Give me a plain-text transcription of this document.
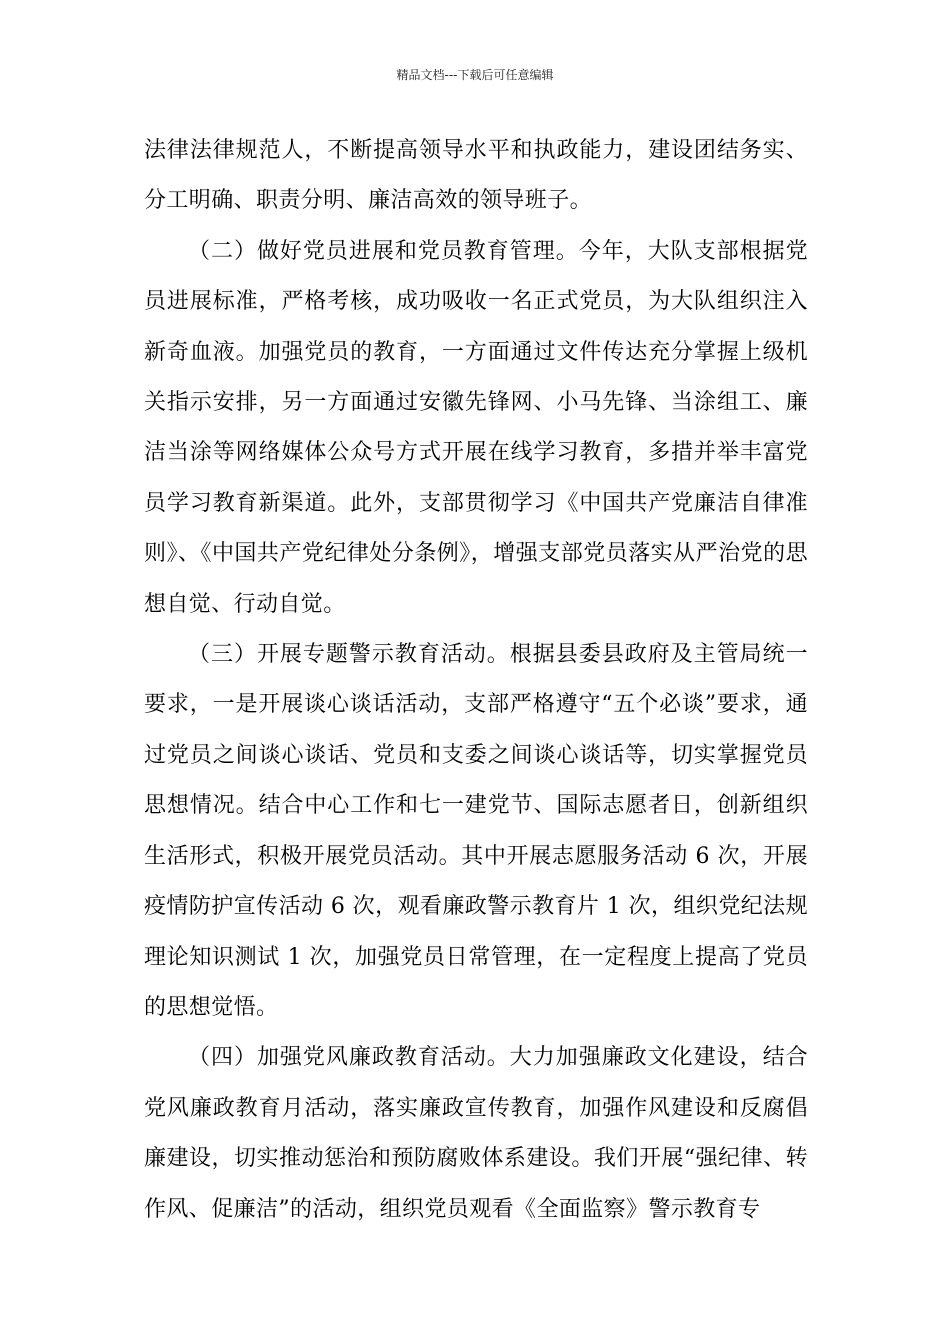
精品文档---下载后可任意编辑

法律法律规范人，不断提高领导水平和执政能力，建设团结务实、分工明确、职责分明、廉洁高效的领导班子。

（二）做好党员进展和党员教育管理。今年，大队支部根据党员进展标准，严格考核，成功吸收一名正式党员，为大队组织注入新奇血液。加强党员的教育，一方面通过文件传达充分掌握上级机关指示安排，另一方面通过安徽先锋网、小马先锋、当涂组工、廉洁当涂等网络媒体公众号方式开展在线学习教育，多措并举丰富党员学习教育新渠道。此外，支部贯彻学习《中国共产党廉洁自律准则》、《中国共产党纪律处分条例》，增强支部党员落实从严治党的思想自觉、行动自觉。

（三）开展专题警示教育活动。根据县委县政府及主管局统一要求，一是开展谈心谈话活动，支部严格遵守“五个必谈”要求，通过党员之间谈心谈话、党员和支委之间谈心谈话等，切实掌握党员思想情况。结合中心工作和七一建党节、国际志愿者日，创新组织生活形式，积极开展党员活动。其中开展志愿服务活动 6 次，开展疫情防护宣传活动 6 次，观看廉政警示教育片 1 次，组织党纪法规理论知识测试 1 次，加强党员日常管理，在一定程度上提高了党员的思想觉悟。

（四）加强党风廉政教育活动。大力加强廉政文化建设，结合党风廉政教育月活动，落实廉政宣传教育，加强作风建设和反腐倡廉建设，切实推动惩治和预防腐败体系建设。我们开展“强纪律、转作风、促廉洁”的活动，组织党员观看《全面监察》警示教育专
